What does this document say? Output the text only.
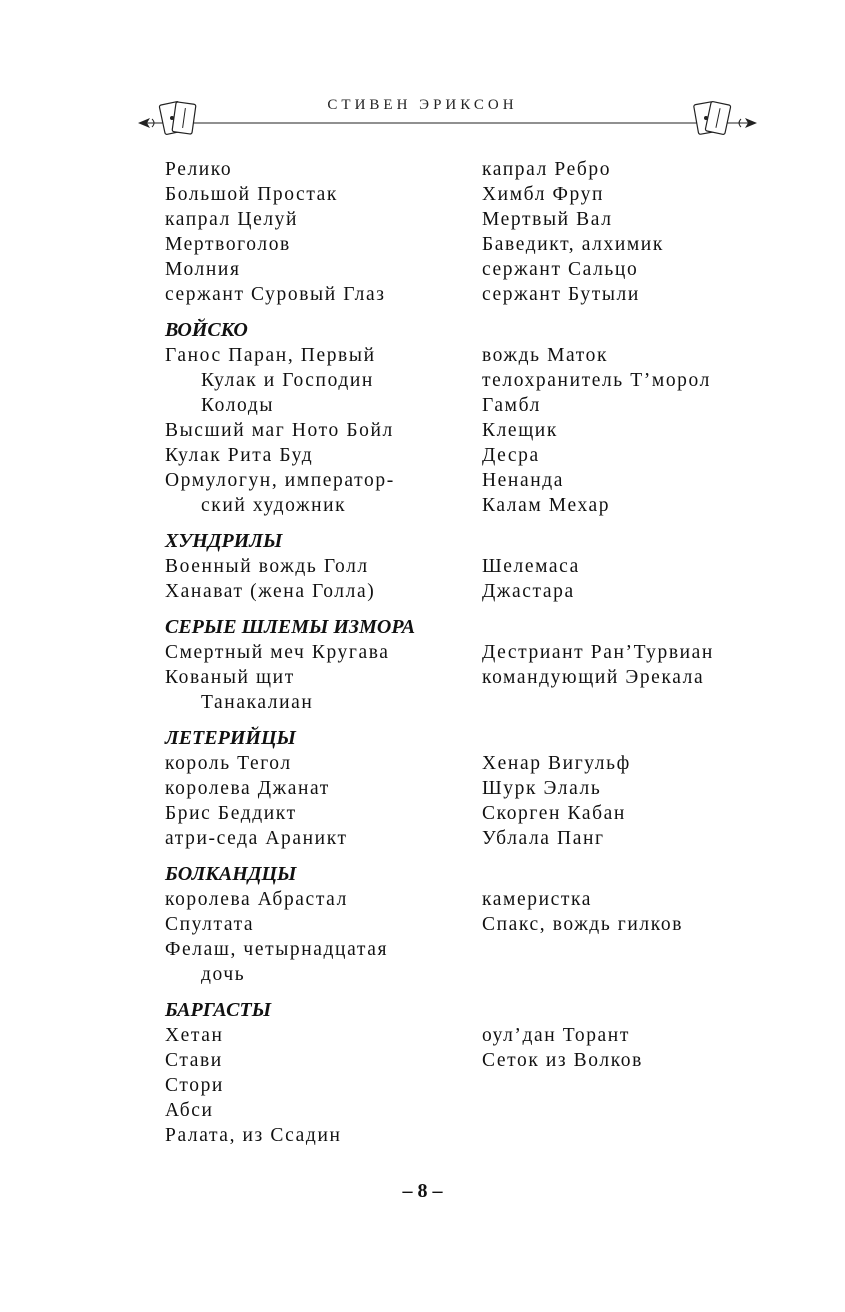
СТИВЕН ЭРИКСОН
Релико
Большой Простак
капрал Целуй
Мертвоголов
Молния
сержант Суровый Глаз
капрал Ребро
Химбл Фруп
Мертвый Вал
Баведикт, алхимик
сержант Сальцо
сержант Бутыли
ВОЙСКО
Ганос Паран, Первый
Кулак и Господин
Колоды
Высший маг Ното Бойл
Кулак Рита Буд
Ормулогун, император-
ский художник
вождь Маток
телохранитель Т’морол
Гамбл
Клещик
Десра
Ненанда
Калам Мехар
ХУНДРИЛЫ
Военный вождь Голл
Ханават (жена Голла)
Шелемаса
Джастара
СЕРЫЕ ШЛЕМЫ ИЗМОРА
Смертный меч Кругава
Кованый щит
Танакалиан
Дестриант Ран’Турвиан
командующий Эрекала
ЛЕТЕРИЙЦЫ
король Тегол
королева Джанат
Брис Беддикт
атри-седа Араникт
Хенар Вигульф
Шурк Элаль
Скорген Кабан
Ублала Панг
БОЛКАНДЦЫ
королева Абрастал
Спултата
Фелаш, четырнадцатая
дочь
камеристка
Спакс, вождь гилков
БАРГАСТЫ
Хетан
Стави
Стори
Абси
Ралата, из Ссадин
оул’дан Торант
Сеток из Волков
– 8 –
